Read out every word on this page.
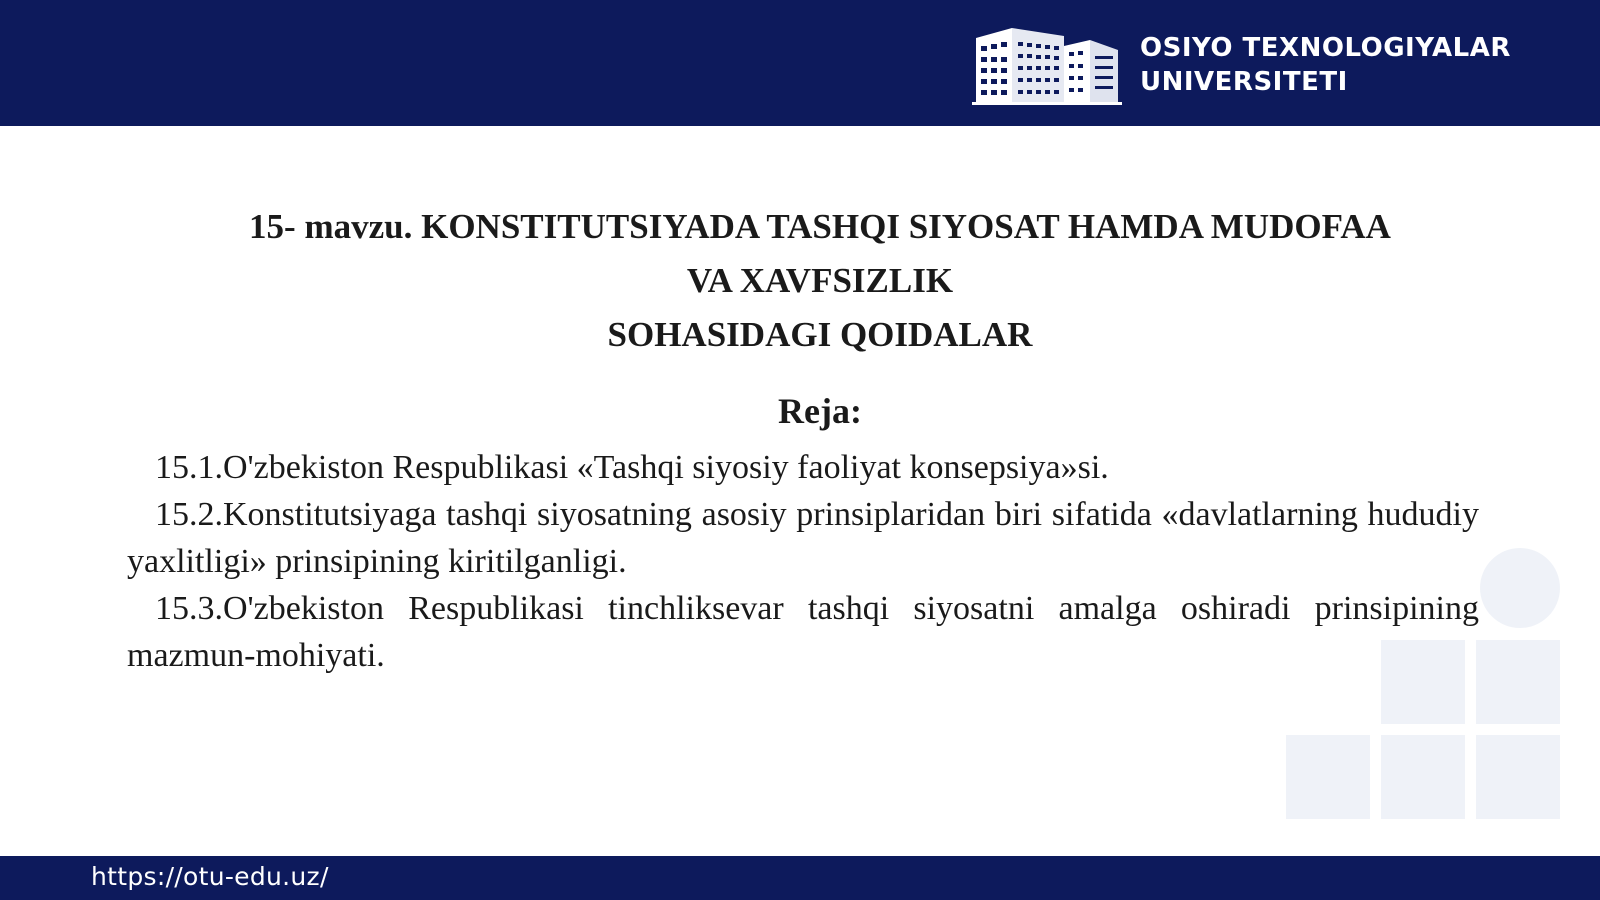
OSIYO TEXNOLOGIYALAR
UNIVERSITETI
15- mavzu. KONSTITUTSIYADA TASHQI SIYOSAT HAMDA MUDOFAA
VA XAVFSIZLIK
SOHASIDAGI QOIDALAR
Reja:

15.1.O'zbekiston Respublikasi «Tashqi siyosiy faoliyat konsepsiya»si.

15.2.Konstitutsiyaga tashqi siyosatning asosiy prinsiplaridan biri sifatida «davlatlarning hududiy yaxlitligi» prinsipining kiritilganligi.

15.3.O'zbekiston Respublikasi tinchliksevar tashqi siyosatni amalga oshiradi prinsipining mazmun-mohiyati.

https://otu-edu.uz/
